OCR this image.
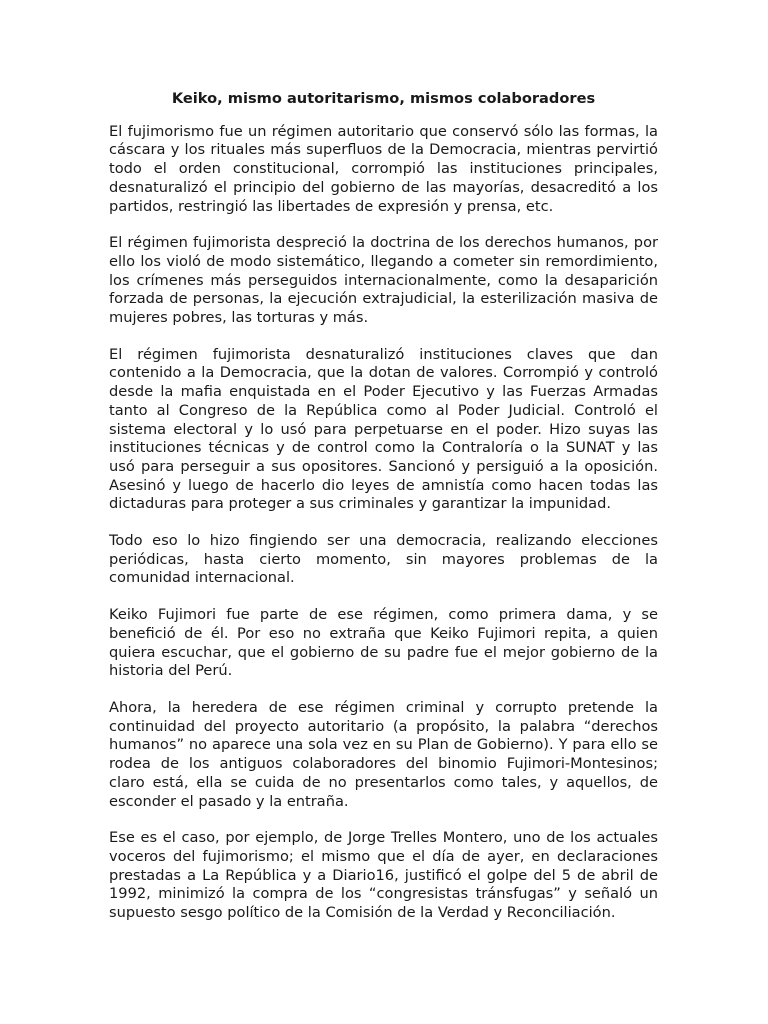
Keiko, mismo autoritarismo, mismos colaboradores

El fujimorismo fue un régimen autoritario que conservó sólo las formas, la cáscara y los rituales más superfluos de la Democracia, mientras pervirtió todo el orden constitucional, corrompió las instituciones principales, desnaturalizó el principio del gobierno de las mayorías, desacreditó a los partidos, restringió las libertades de expresión y prensa, etc.

El régimen fujimorista despreció la doctrina de los derechos humanos, por ello los violó de modo sistemático, llegando a cometer sin remordimiento, los crímenes más perseguidos internacionalmente, como la desaparición forzada de personas, la ejecución extrajudicial, la esterilización masiva de mujeres pobres, las torturas y más.

El régimen fujimorista desnaturalizó instituciones claves que dan contenido a la Democracia, que la dotan de valores. Corrompió y controló desde la mafia enquistada en el Poder Ejecutivo y las Fuerzas Armadas tanto al Congreso de la República como al Poder Judicial. Controló el sistema electoral y lo usó para perpetuarse en el poder. Hizo suyas las instituciones técnicas y de control como la Contraloría o la SUNAT y las usó para perseguir a sus opositores. Sancionó y persiguió a la oposición. Asesinó y luego de hacerlo dio leyes de amnistía como hacen todas las dictaduras para proteger a sus criminales y garantizar la impunidad.

Todo eso lo hizo fingiendo ser una democracia, realizando elecciones periódicas, hasta cierto momento, sin mayores problemas de la comunidad internacional.

Keiko Fujimori fue parte de ese régimen, como primera dama, y se benefició de él. Por eso no extraña que Keiko Fujimori repita, a quien quiera escuchar, que el gobierno de su padre fue el mejor gobierno de la historia del Perú.

Ahora, la heredera de ese régimen criminal y corrupto pretende la continuidad del proyecto autoritario (a propósito, la palabra “derechos humanos” no aparece una sola vez en su Plan de Gobierno). Y para ello se rodea de los antiguos colaboradores del binomio Fujimori-Montesinos; claro está, ella se cuida de no presentarlos como tales, y aquellos, de esconder el pasado y la entraña.

Ese es el caso, por ejemplo, de Jorge Trelles Montero, uno de los actuales voceros del fujimorismo; el mismo que el día de ayer, en declaraciones prestadas a La República y a Diario16, justificó el golpe del 5 de abril de 1992, minimizó la compra de los “congresistas tránsfugas” y señaló un supuesto sesgo político de la Comisión de la Verdad y Reconciliación.
